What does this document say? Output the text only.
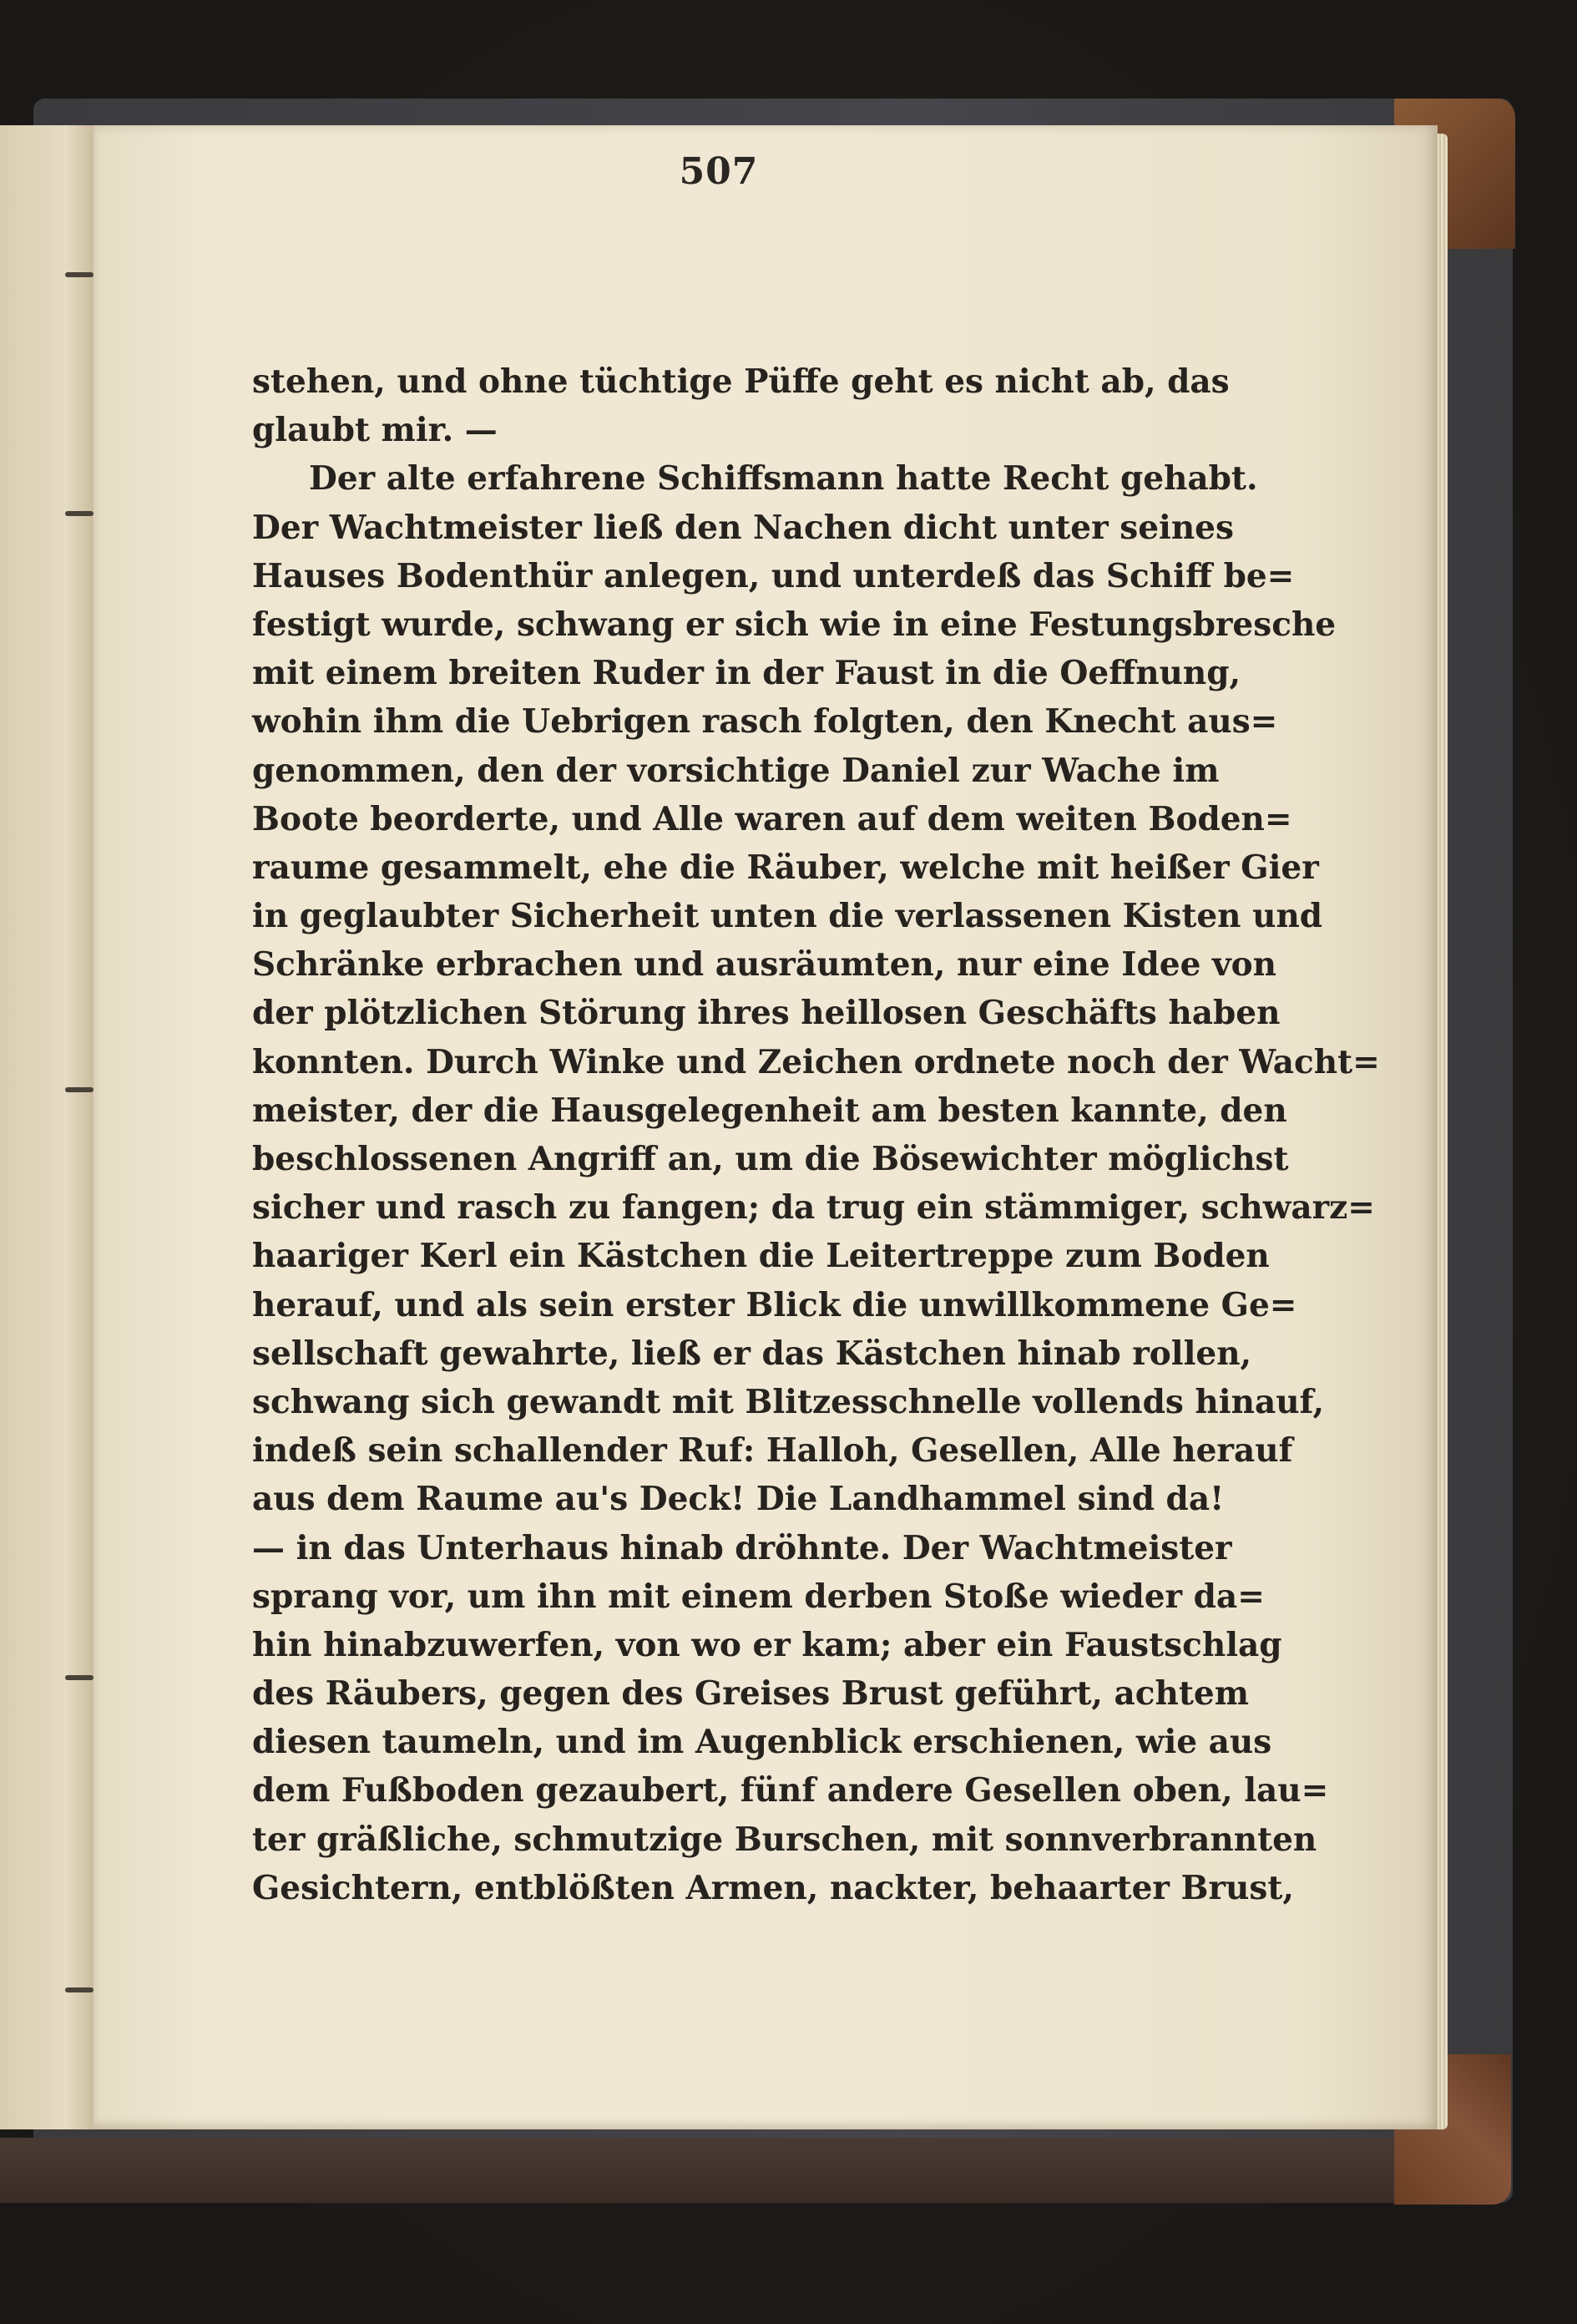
507
stehen, und ohne tüchtige Püffe geht es nicht ab, das
glaubt mir. —
Der alte erfahrene Schiffsmann hatte Recht gehabt.
Der Wachtmeister ließ den Nachen dicht unter seines
Hauses Bodenthür anlegen, und unterdeß das Schiff be=
festigt wurde, schwang er sich wie in eine Festungsbresche
mit einem breiten Ruder in der Faust in die Oeffnung,
wohin ihm die Uebrigen rasch folgten, den Knecht aus=
genommen, den der vorsichtige Daniel zur Wache im
Boote beorderte, und Alle waren auf dem weiten Boden=
raume gesammelt, ehe die Räuber, welche mit heißer Gier
in geglaubter Sicherheit unten die verlassenen Kisten und
Schränke erbrachen und ausräumten, nur eine Idee von
der plötzlichen Störung ihres heillosen Geschäfts haben
konnten. Durch Winke und Zeichen ordnete noch der Wacht=
meister, der die Hausgelegenheit am besten kannte, den
beschlossenen Angriff an, um die Bösewichter möglichst
sicher und rasch zu fangen; da trug ein stämmiger, schwarz=
haariger Kerl ein Kästchen die Leitertreppe zum Boden
herauf, und als sein erster Blick die unwillkommene Ge=
sellschaft gewahrte, ließ er das Kästchen hinab rollen,
schwang sich gewandt mit Blitzesschnelle vollends hinauf,
indeß sein schallender Ruf: Halloh, Gesellen, Alle herauf
aus dem Raume au's Deck! Die Landhammel sind da!
— in das Unterhaus hinab dröhnte. Der Wachtmeister
sprang vor, um ihn mit einem derben Stoße wieder da=
hin hinabzuwerfen, von wo er kam; aber ein Faustschlag
des Räubers, gegen des Greises Brust geführt, achtem
diesen taumeln, und im Augenblick erschienen, wie aus
dem Fußboden gezaubert, fünf andere Gesellen oben, lau=
ter gräßliche, schmutzige Burschen, mit sonnverbrannten
Gesichtern, entblößten Armen, nackter, behaarter Brust,
